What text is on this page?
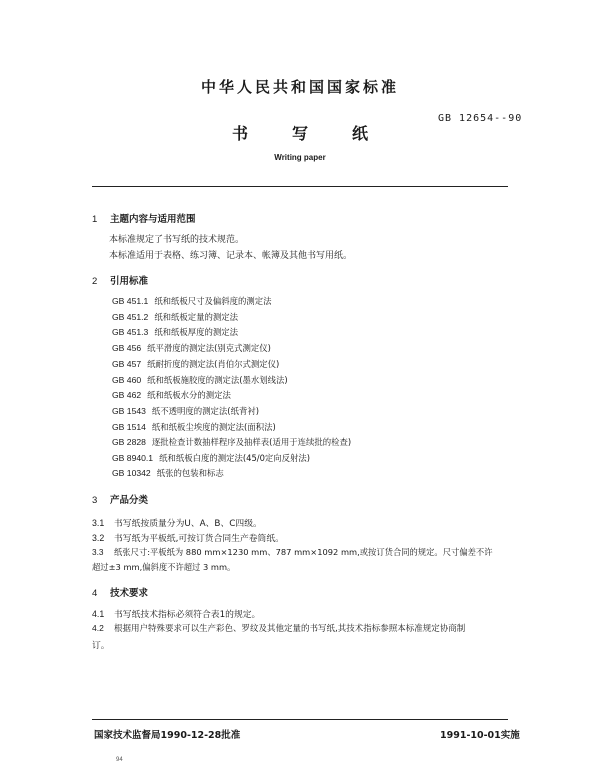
中华人民共和国国家标准
GB 12654--90
书写纸
Writing paper
1 主题内容与适用范围
本标准规定了书写纸的技术规范。
本标准适用于表格、练习簿、记录本、帐簿及其他书写用纸。
2 引用标准
GB 451.1 纸和纸板尺寸及偏斜度的测定法
GB 451.2 纸和纸板定量的测定法
GB 451.3 纸和纸板厚度的测定法
GB 456 纸平滑度的测定法(别克式测定仪)
GB 457 纸耐折度的测定法(肖伯尔式测定仪)
GB 460 纸和纸板施胶度的测定法(墨水划线法)
GB 462 纸和纸板水分的测定法
GB 1543 纸不透明度的测定法(纸背衬)
GB 1514 纸和纸板尘埃度的测定法(面积法)
GB 2828 逐批检查计数抽样程序及抽样表(适用于连续批的检查)
GB 8940.1 纸和纸板白度的测定法(45/0定向反射法)
GB 10342 纸张的包装和标志
3 产品分类
3.1 书写纸按质量分为U、A、B、C四级。
3.2 书写纸为平板纸,可按订货合同生产卷筒纸。
3.3 纸张尺寸:平板纸为 880 mm×1230 mm、787 mm×1092 mm,或按订货合同的规定。尺寸偏差不许
超过±3 mm,偏斜度不许超过 3 mm。
4 技术要求
4.1 书写纸技术指标必须符合表1的规定。
4.2 根据用户特殊要求可以生产彩色、罗纹及其他定量的书写纸,其技术指标参照本标准规定协商制
订。
国家技术监督局1990-12-28批准	1991-10-01实施
94
